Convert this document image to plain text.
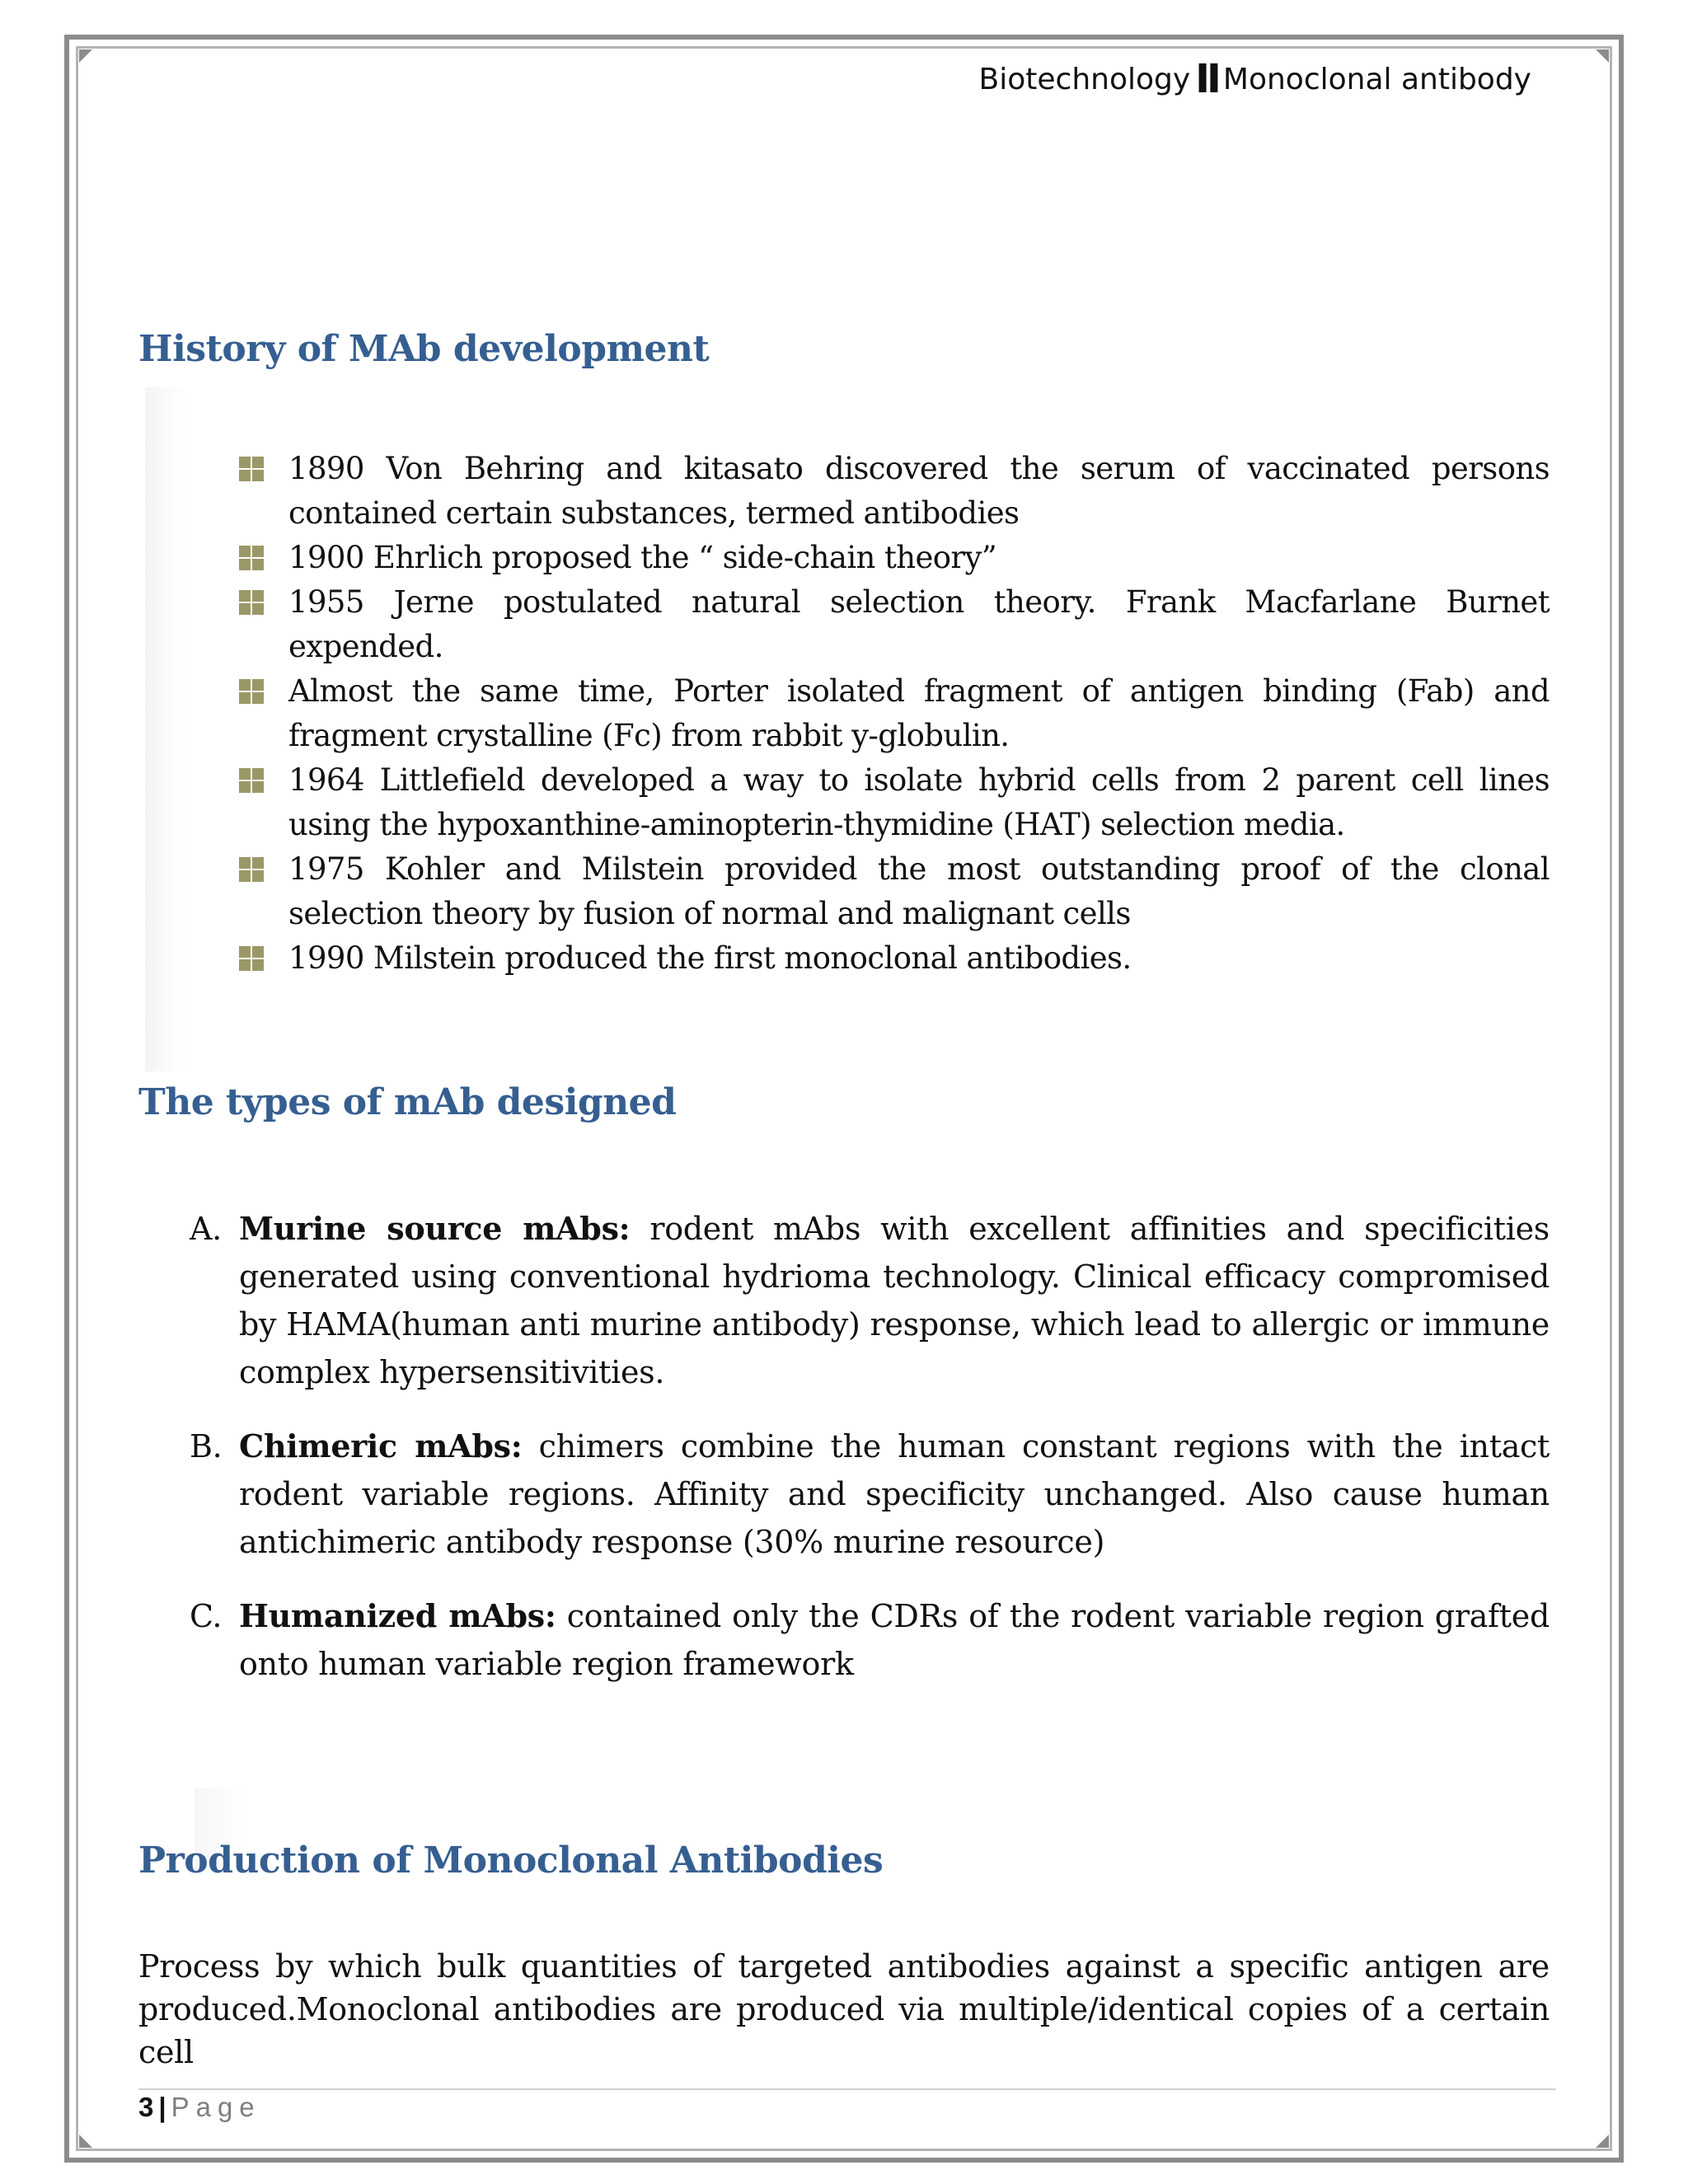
Biotechnology II Monoclonal antibody
History of MAb development
1890 Von Behring and kitasato discovered the serum of vaccinated persons contained certain substances, termed antibodies
1900 Ehrlich proposed the “ side-chain theory”
1955 Jerne postulated natural selection theory. Frank Macfarlane Burnet expended.
Almost the same time, Porter isolated fragment of antigen binding (Fab) and fragment crystalline (Fc) from rabbit y-globulin.
1964 Littlefield developed a way to isolate hybrid cells from 2 parent cell lines using the hypoxanthine-aminopterin-thymidine (HAT) selection media.
1975 Kohler and Milstein provided the most outstanding proof of the clonal selection theory by fusion of normal and malignant cells
1990 Milstein produced the first monoclonal antibodies.
The types of mAb designed
A. Murine source mAbs: rodent mAbs with excellent affinities and specificities generated using conventional hydrioma technology. Clinical efficacy compromised by HAMA(human anti murine antibody) response, which lead to allergic or immune complex hypersensitivities.
B. Chimeric mAbs: chimers combine the human constant regions with the intact rodent variable regions. Affinity and specificity unchanged. Also cause human antichimeric antibody response (30% murine resource)
C. Humanized mAbs: contained only the CDRs of the rodent variable region grafted onto human variable region framework
Production of Monoclonal Antibodies

Process by which bulk quantities of targeted antibodies against a specific antigen are produced.Monoclonal antibodies are produced via multiple/identical copies of a certain cell

3 | Page
